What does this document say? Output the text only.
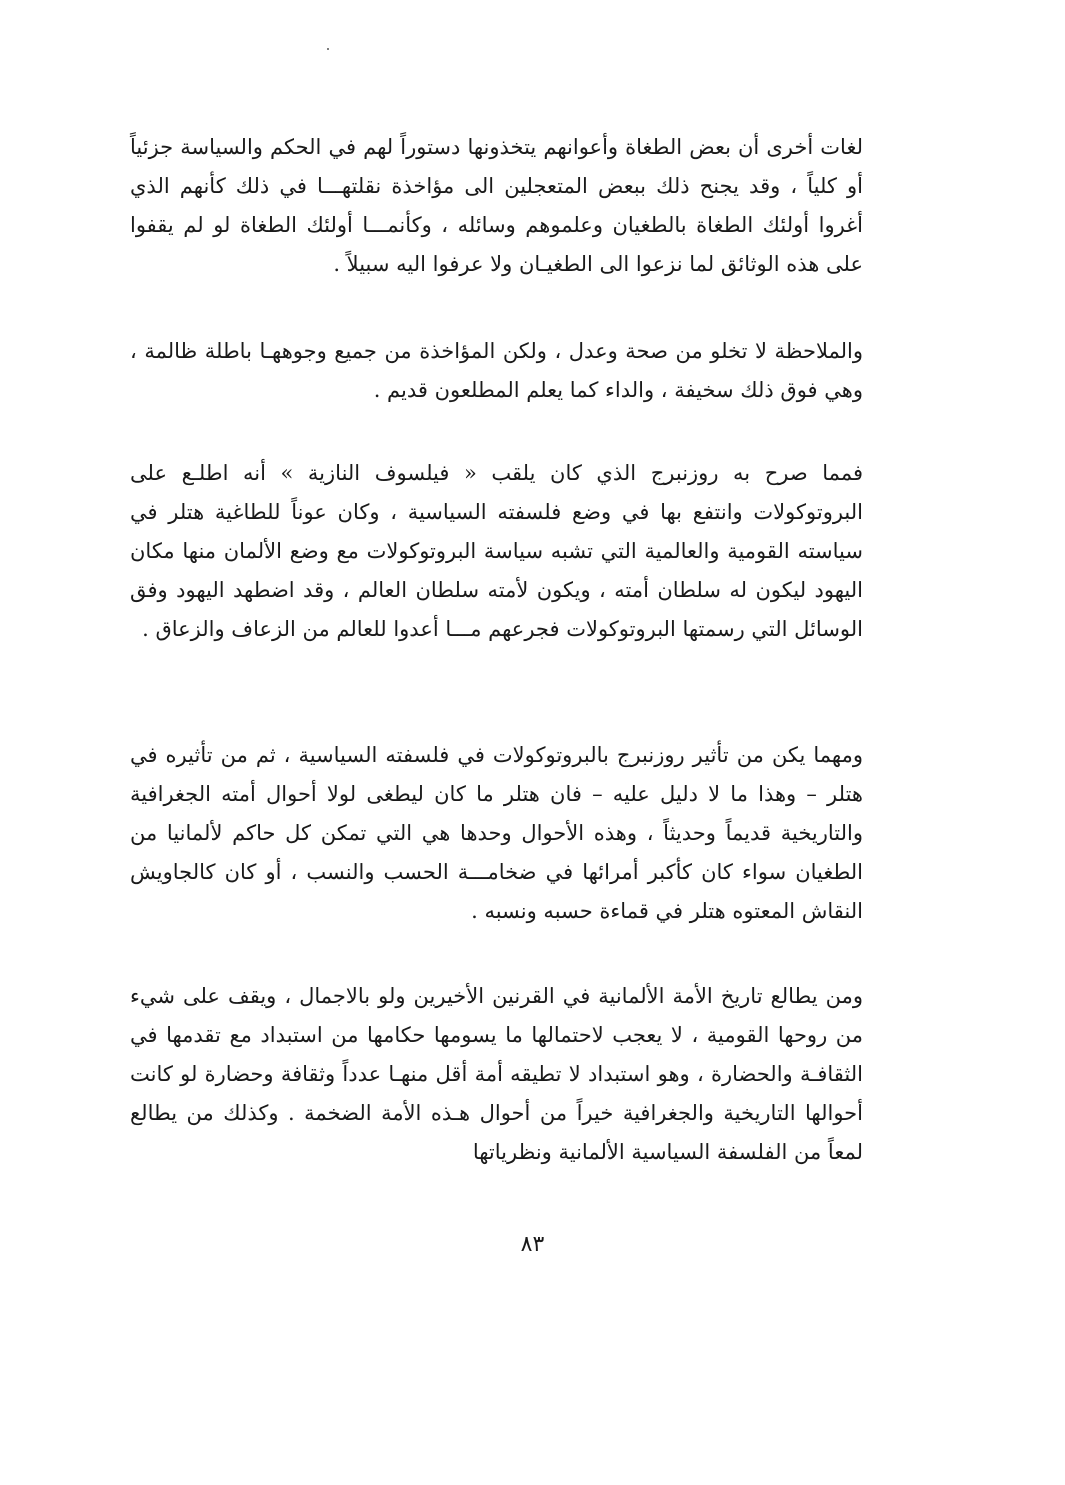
لغات أخرى أن بعض الطغاة وأعوانهم يتخذونها دستوراً لهم في الحكم والسياسة جزئياً أو كلياً ، وقد يجنح ذلك ببعض المتعجلين الى مؤاخذة نقلتهـــا في ذلك كأنهم الذي أغروا أولئك الطغاة بالطغيان وعلموهم وسائله ، وكأنمـــا أولئك الطغاة لو لم يقفوا على هذه الوثائق لما نزعوا الى الطغيـان ولا عرفوا اليه سبيلاً .

والملاحظة لا تخلو من صحة وعدل ، ولكن المؤاخذة من جميع وجوههـا باطلة ظالمة ، وهي فوق ذلك سخيفة ، والداء كما يعلم المطلعون قديم .

فمما صرح به روزنبرج الذي كان يلقب « فيلسوف النازية » أنه اطلـع على البروتوكولات وانتفع بها في وضع فلسفته السياسية ، وكان عوناً للطاغية هتلر في سياسته القومية والعالمية التي تشبه سياسة البروتوكولات مع وضع الألمان منها مكان اليهود ليكون له سلطان أمته ، ويكون لأمته سلطان العالم ، وقد اضطهد اليهود وفق الوسائل التي رسمتها البروتوكولات فجرعهم مـــا أعدوا للعالم من الزعاف والزعاق .

ومهما يكن من تأثير روزنبرج بالبروتوكولات في فلسفته السياسية ، ثم من تأثيره في هتلر – وهذا ما لا دليل عليه – فان هتلر ما كان ليطغى لولا أحوال أمته الجغرافية والتاريخية قديماً وحديثاً ، وهذه الأحوال وحدها هي التي تمكن كل حاكم لألمانيا من الطغيان سواء كان كأكبر أمرائها في ضخامـــة الحسب والنسب ، أو كان كالجاويش النقاش المعتوه هتلر في قماءة حسبه ونسبه .

ومن يطالع تاريخ الأمة الألمانية في القرنين الأخيرين ولو بالاجمال ، ويقف على شيء من روحها القومية ، لا يعجب لاحتمالها ما يسومها حكامها من استبداد مع تقدمها في الثقافـة والحضارة ، وهو استبداد لا تطيقه أمة أقل منهـا عدداً وثقافة وحضارة لو كانت أحوالها التاريخية والجغرافية خيراً من أحوال هـذه الأمة الضخمة . وكذلك من يطالع لمعاً من الفلسفة السياسية الألمانية ونظرياتها

٨٣
